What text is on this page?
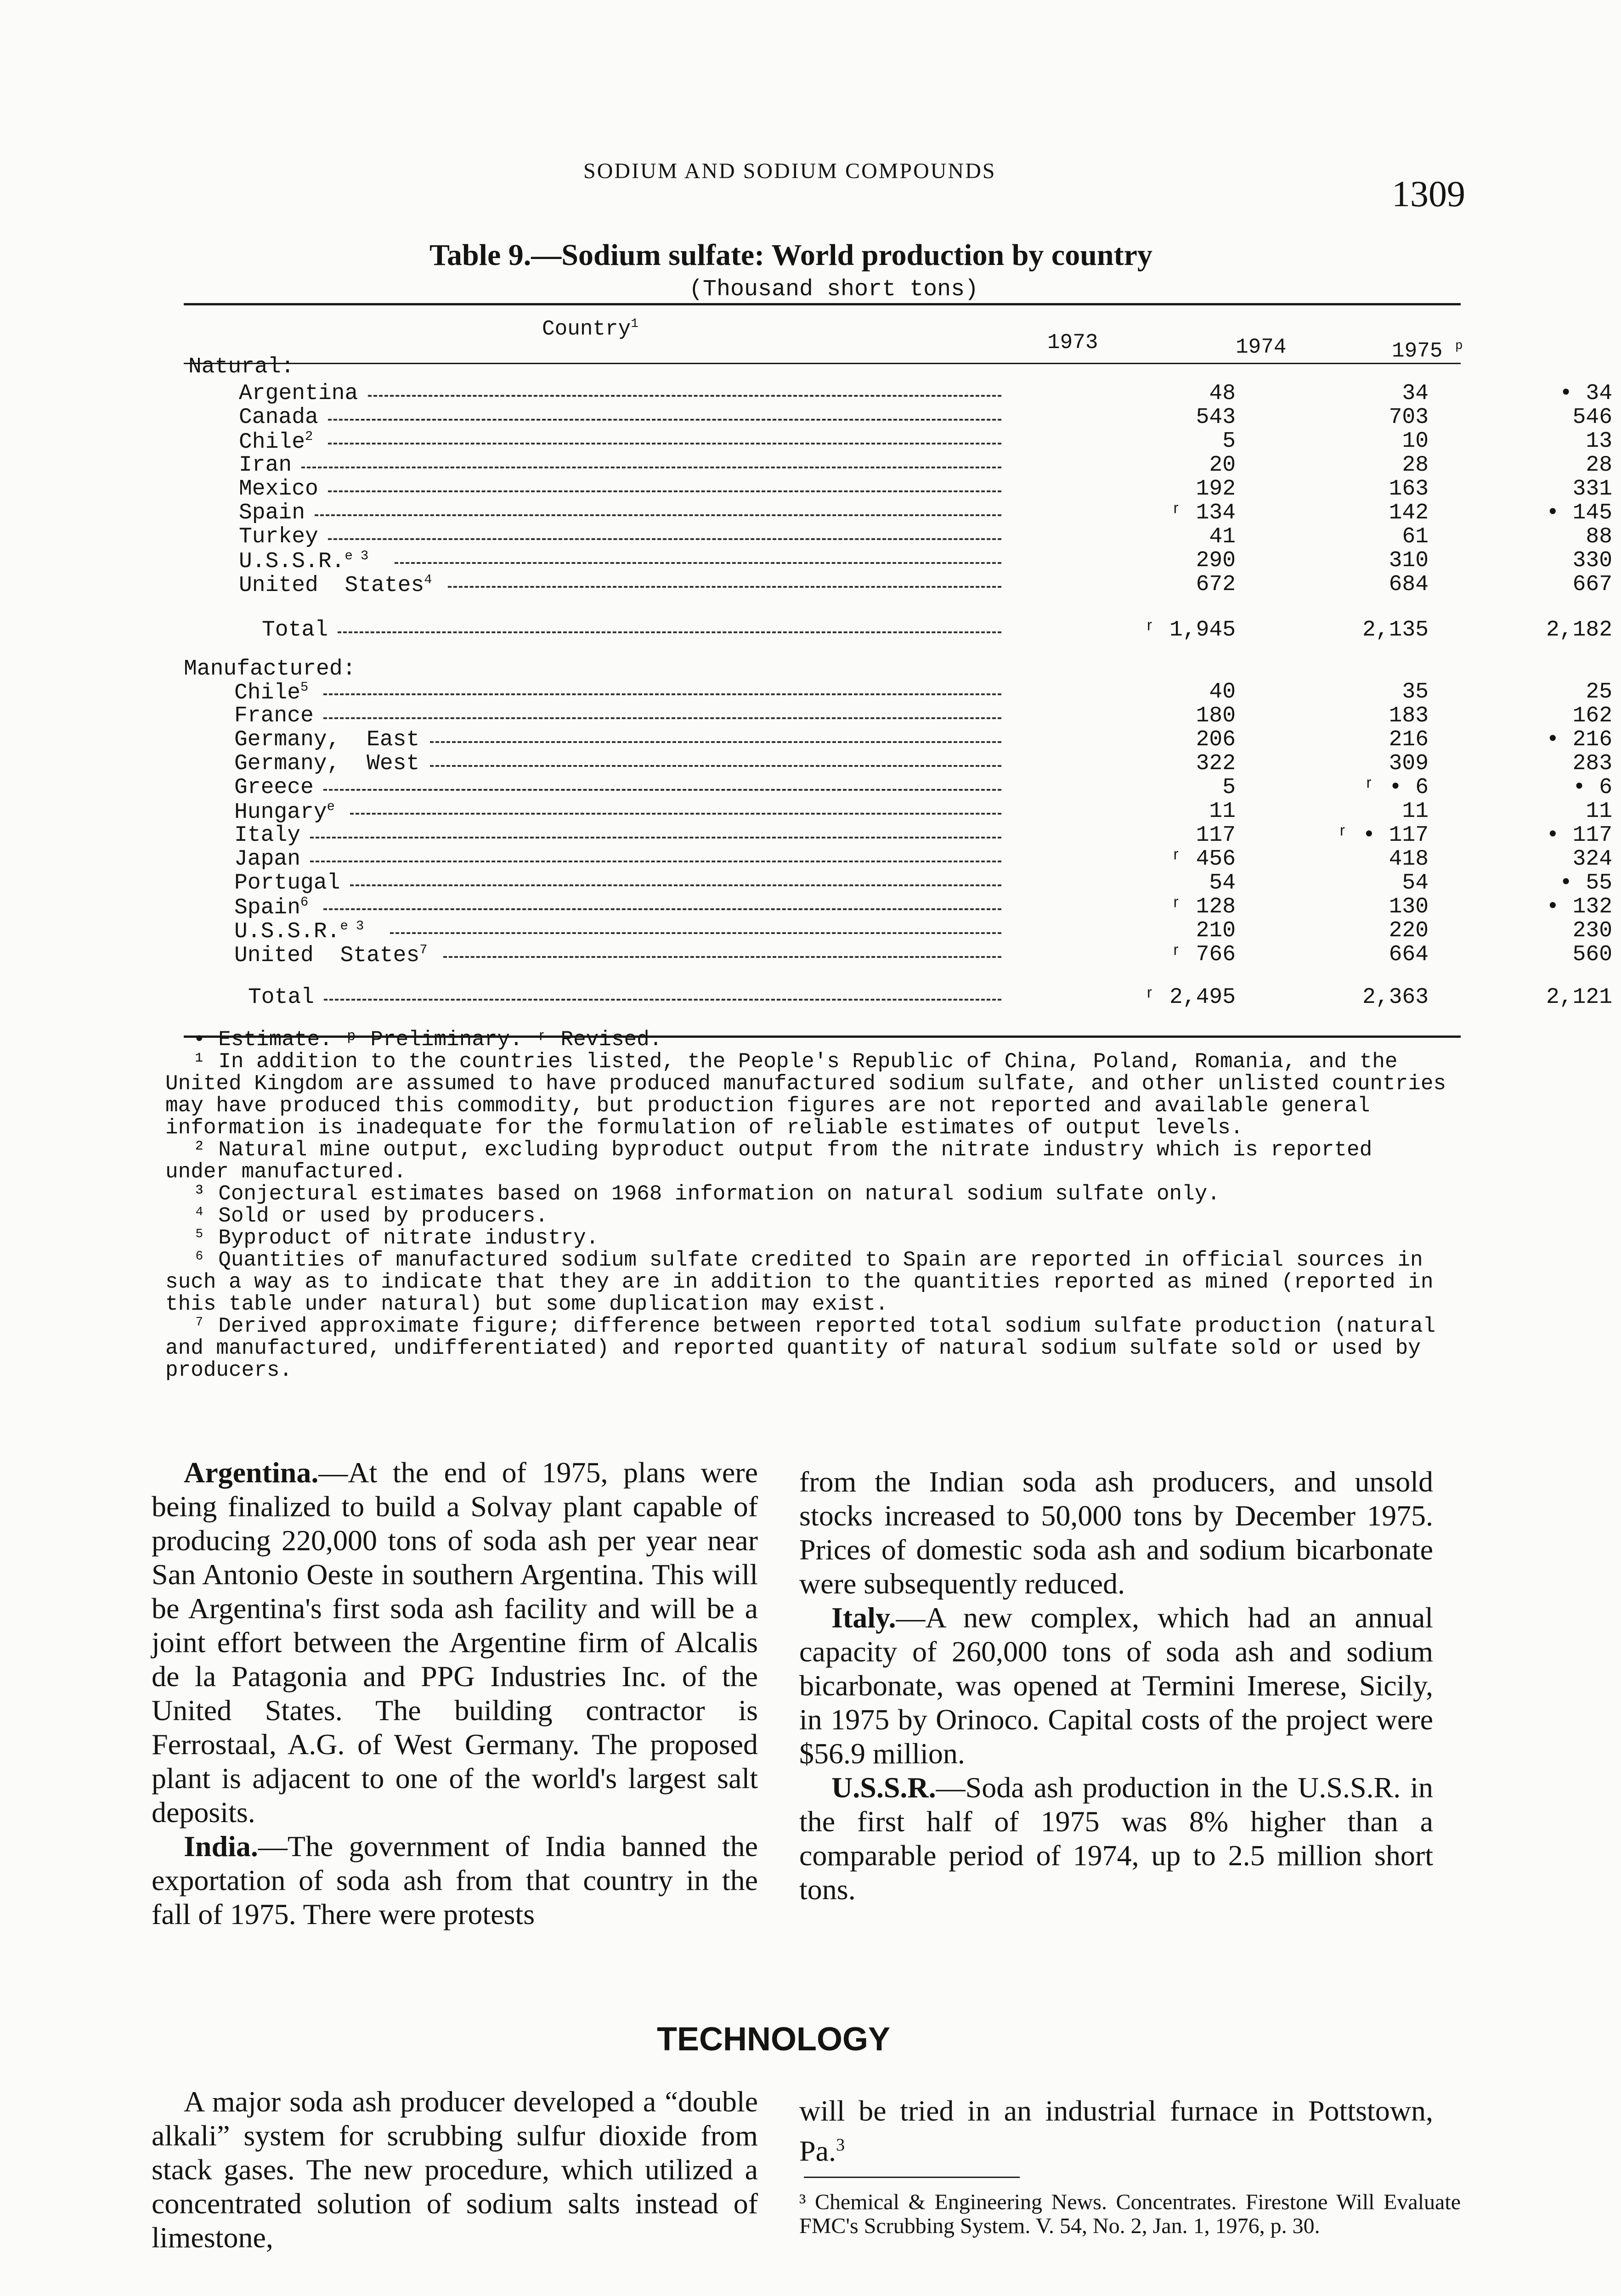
SODIUM AND SODIUM COMPOUNDS
1309
Table 9.—Sodium sulfate: World production by country
(Thousand short tons)
Country$^1$
1973	1974	1975 $^p$
Natural:
Argentina	48	34	• 34
Canada	543	703	546
Chile$^2$	5	10	13
Iran	20	28	28
Mexico	192	163	331
Spain	ʳ 134	142	• 145
Turkey	41	61	88
U.S.S.R.$^{e 3}$	290	310	330
United  States$^4$	672	684	667
Total	ʳ 1,945	2,135	2,182
Manufactured:
Chile$^5$	40	35	25
France	180	183	162
Germany,  East	206	216	• 216
Germany,  West	322	309	283
Greece	5	ʳ • 6	• 6
Hungary$^e$	11	11	11
Italy	117	ʳ • 117	• 117
Japan	ʳ 456	418	324
Portugal	54	54	• 55
Spain$^6$	ʳ 128	130	• 132
U.S.S.R.$^{e 3}$	210	220	230
United  States$^7$	ʳ 766	664	560
Total	ʳ 2,495	2,363	2,121

• Estimate. ᵖ Preliminary. ʳ Revised.

¹ In addition to the countries listed, the People's Republic of China, Poland, Romania, and the United Kingdom are assumed to have produced manufactured sodium sulfate, and other unlisted countries may have produced this commodity, but production figures are not reported and available general information is inadequate for the formulation of reliable estimates of output levels.

² Natural mine output, excluding byproduct output from the nitrate industry which is reported under manufactured.

³ Conjectural estimates based on 1968 information on natural sodium sulfate only.

⁴ Sold or used by producers.

⁵ Byproduct of nitrate industry.

⁶ Quantities of manufactured sodium sulfate credited to Spain are reported in official sources in such a way as to indicate that they are in addition to the quantities reported as mined (reported in this table under natural) but some duplication may exist.

⁷ Derived approximate figure; difference between reported total sodium sulfate production (natural and manufactured, undifferentiated) and reported quantity of natural sodium sulfate sold or used by producers.

Argentina.—At the end of 1975, plans were being finalized to build a Solvay plant capable of producing 220,000 tons of soda ash per year near San Antonio Oeste in southern Argentina. This will be Argentina's first soda ash facility and will be a joint effort between the Argentine firm of Alcalis de la Patagonia and PPG Industries Inc. of the United States. The building contractor is Ferrostaal, A.G. of West Germany. The proposed plant is adjacent to one of the world's largest salt deposits.

India.—The government of India banned the exportation of soda ash from that country in the fall of 1975. There were protests

from the Indian soda ash producers, and unsold stocks increased to 50,000 tons by December 1975. Prices of domestic soda ash and sodium bicarbonate were subsequently reduced.

Italy.—A new complex, which had an annual capacity of 260,000 tons of soda ash and sodium bicarbonate, was opened at Termini Imerese, Sicily, in 1975 by Orinoco. Capital costs of the project were $56.9 million.

U.S.S.R.—Soda ash production in the U.S.S.R. in the first half of 1975 was 8% higher than a comparable period of 1974, up to 2.5 million short tons.

TECHNOLOGY

A major soda ash producer developed a “double alkali” system for scrubbing sulfur dioxide from stack gases. The new procedure, which utilized a concentrated solution of sodium salts instead of limestone,

will be tried in an industrial furnace in Pottstown, Pa.$^3$

³ Chemical & Engineering News. Concentrates. Firestone Will Evaluate FMC's Scrubbing System. V. 54, No. 2, Jan. 1, 1976, p. 30.
